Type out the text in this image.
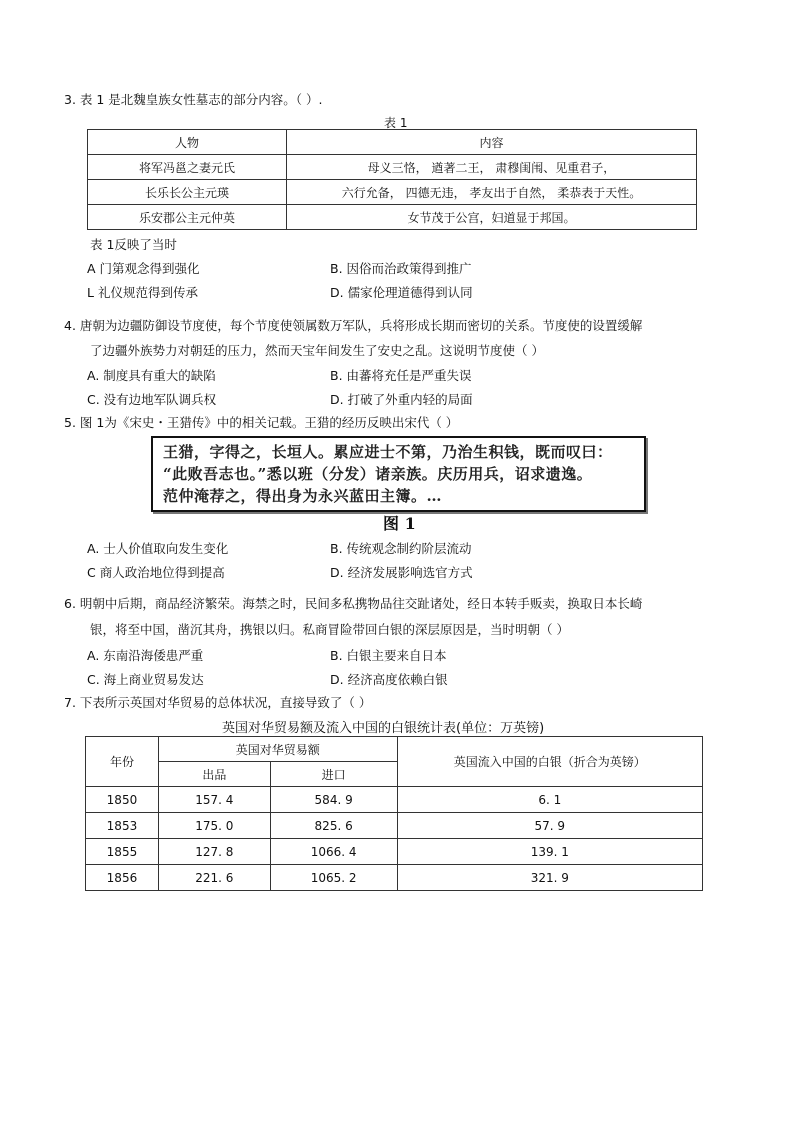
3. 表 1 是北魏皇族女性墓志的部分内容。（ ）.
表 1
人物	内容
将军冯邕之妻元氏	母义三恪， 遒著二王， 肃穆闺闱、见重君子，
长乐长公主元瑛	六行允备， 四德无违， 孝友出于自然， 柔恭表于天性。
乐安郡公主元仲英	女节茂于公宫，妇道显于邦国。
表 1反映了当时
A 门第观念得到强化	B. 因俗而治政策得到推广
L 礼仪规范得到传承	D. 儒家伦理道德得到认同
4. 唐朝为边疆防御设节度使，每个节度使领属数万军队，兵将形成长期而密切的关系。节度使的设置缓解
了边疆外族势力对朝廷的压力，然而天宝年间发生了安史之乱。这说明节度使（ ）
A. 制度具有重大的缺陷	B. 由蕃将充任是严重失误
C. 没有边地军队调兵权	D. 打破了外重内轻的局面
5. 图 1为《宋史・王猎传》中的相关记载。王猎的经历反映出宋代（ ）
王猎，字得之，长垣人。累应进士不第，乃治生积钱，既而叹曰：
“此败吾志也。”悉以班（分发）诸亲族。庆历用兵，诏求遗逸。
范仲淹荐之，得出身为永兴蓝田主簿。…
图 1
A. 士人价值取向发生变化	B. 传统观念制约阶层流动
C 商人政治地位得到提高	D. 经济发展影响选官方式
6. 明朝中后期，商品经济繁荣。海禁之时，民间多私携物品往交趾诸处，经日本转手贩卖，换取日本长崎
银，将至中国，凿沉其舟，携银以归。私商冒险带回白银的深层原因是，当时明朝（ ）
A. 东南沿海倭患严重	B. 白银主要来自日本
C. 海上商业贸易发达	D. 经济高度依赖白银
7. 下表所示英国对华贸易的总体状况，直接导致了（ ）
英国对华贸易额及流入中国的白银统计表(单位：万英镑)
年份	英国对华贸易额		英国流入中国的白银（折合为英镑）
	出品	进口	
1850	157. 4	584. 9	6. 1
1853	175. 0	825. 6	57. 9
1855	127. 8	1066. 4	139. 1
1856	221. 6	1065. 2	321. 9
